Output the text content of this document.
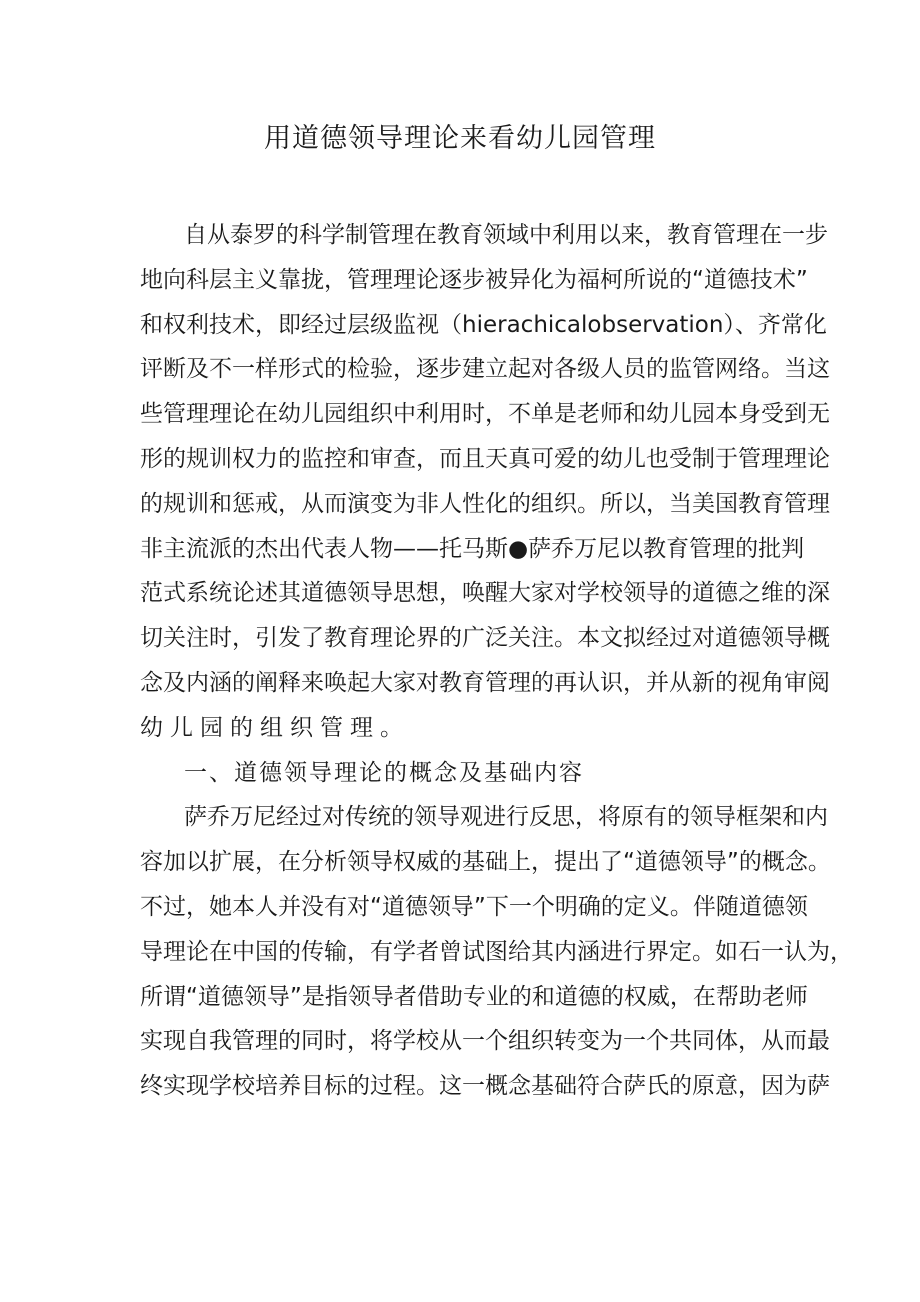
用道德领导理论来看幼儿园管理
自从泰罗的科学制管理在教育领域中利用以来，教育管理在一步
地向科层主义靠拢，管理理论逐步被异化为福柯所说的“道德技术”
和权利技术，即经过层级监视（hierachicalobservation）、齐常化
评断及不一样形式的检验，逐步建立起对各级人员的监管网络。当这
些管理理论在幼儿园组织中利用时，不单是老师和幼儿园本身受到无
形的规训权力的监控和审查，而且天真可爱的幼儿也受制于管理理论
的规训和惩戒，从而演变为非人性化的组织。所以，当美国教育管理
非主流派的杰出代表人物——托马斯●萨乔万尼以教育管理的批判
范式系统论述其道德领导思想，唤醒大家对学校领导的道德之维的深
切关注时，引发了教育理论界的广泛关注。本文拟经过对道德领导概
念及内涵的阐释来唤起大家对教育管理的再认识，并从新的视角审阅
幼儿园的组织管理。
一、道德领导理论的概念及基础内容
萨乔万尼经过对传统的领导观进行反思，将原有的领导框架和内
容加以扩展，在分析领导权威的基础上，提出了“道德领导”的概念。
不过，她本人并没有对“道德领导”下一个明确的定义。伴随道德领
导理论在中国的传输，有学者曾试图给其内涵进行界定。如石一认为，
所谓“道德领导”是指领导者借助专业的和道德的权威，在帮助老师
实现自我管理的同时，将学校从一个组织转变为一个共同体，从而最
终实现学校培养目标的过程。这一概念基础符合萨氏的原意，因为萨
